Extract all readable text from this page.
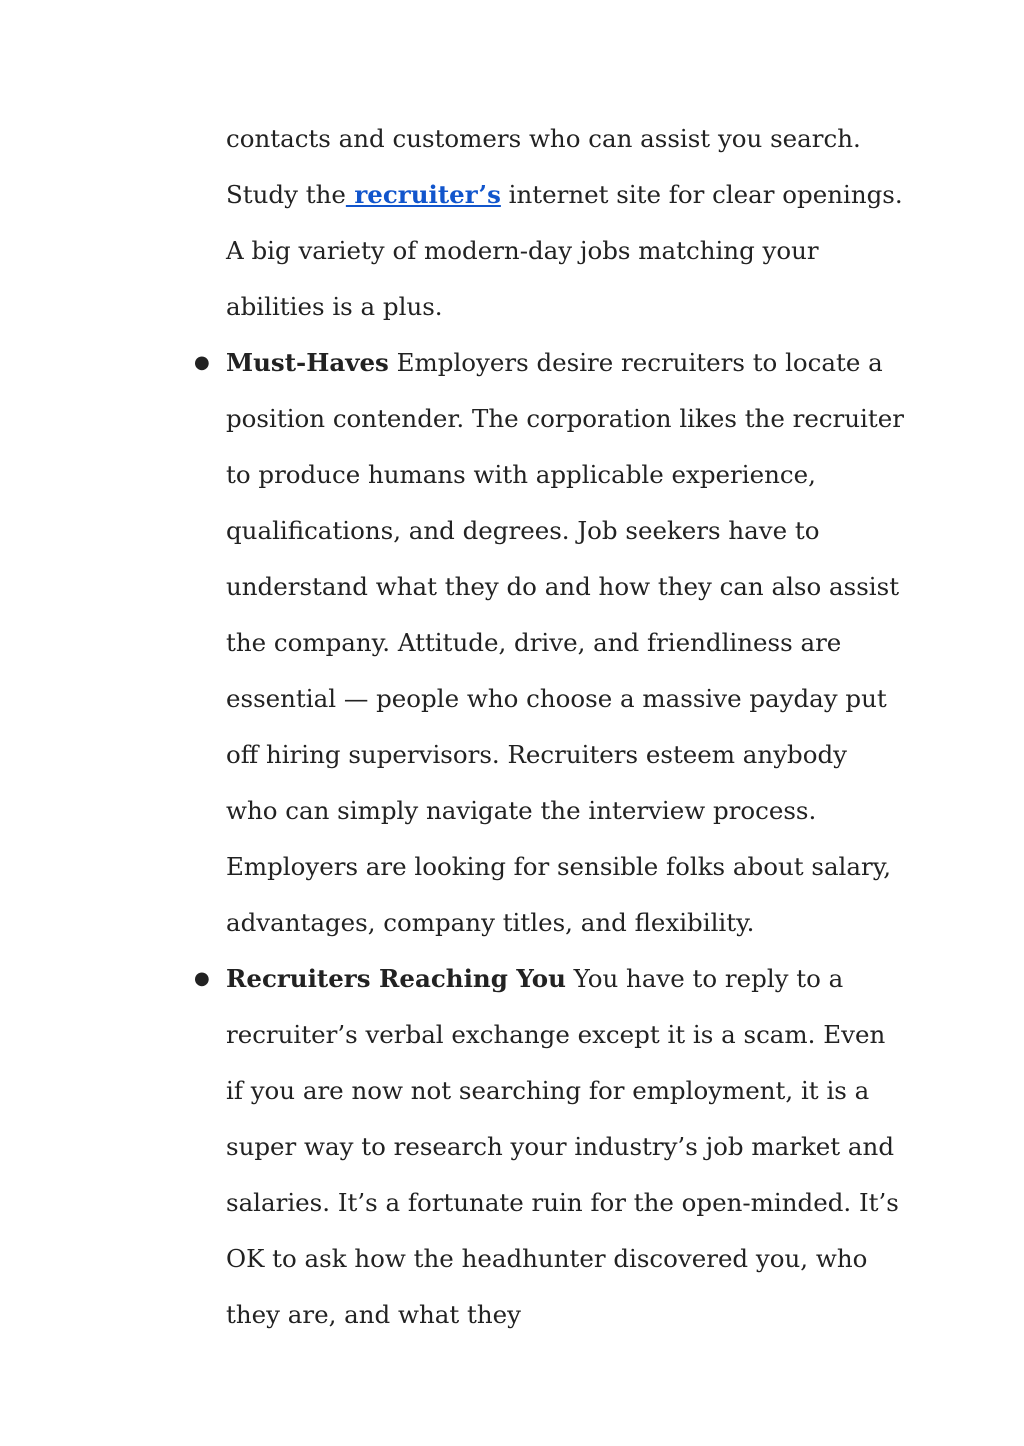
contacts and customers who can assist you search. Study the recruiter’s internet site for clear openings. A big variety of modern-day jobs matching your abilities is a plus.

● Must-Haves Employers desire recruiters to locate a position contender. The corporation likes the recruiter to produce humans with applicable experience, qualifications, and degrees. Job seekers have to understand what they do and how they can also assist the company. Attitude, drive, and friendliness are essential — people who choose a massive payday put off hiring supervisors. Recruiters esteem anybody who can simply navigate the interview process. Employers are looking for sensible folks about salary, advantages, company titles, and flexibility.
● Recruiters Reaching You You have to reply to a recruiter’s verbal exchange except it is a scam. Even if you are now not searching for employment, it is a super way to research your industry’s job market and salaries. It’s a fortunate ruin for the open-minded. It’s OK to ask how the headhunter discovered you, who they are, and what they
